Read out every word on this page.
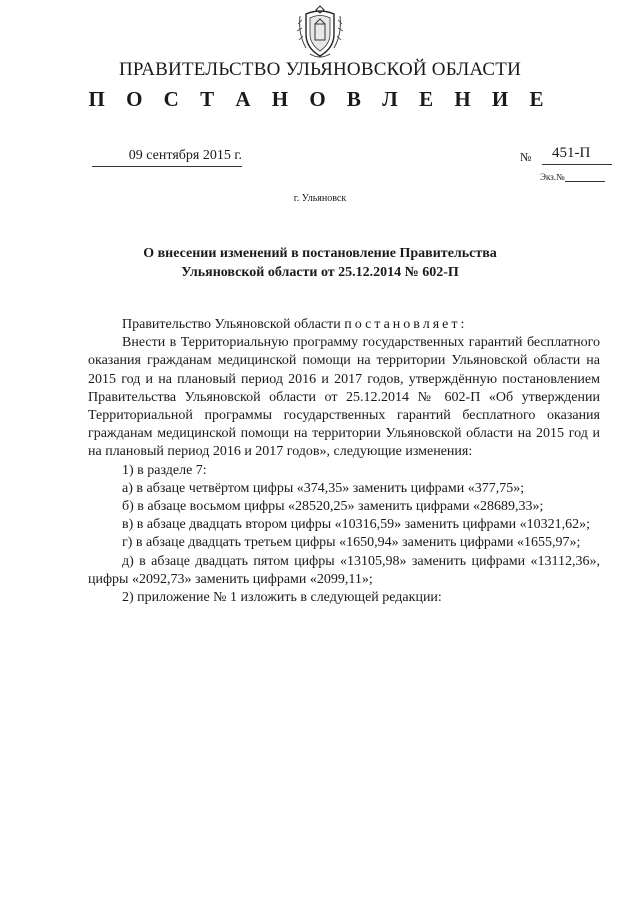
ПРАВИТЕЛЬСТВО УЛЬЯНОВСКОЙ ОБЛАСТИ
П О С Т А Н О В Л Е Н И Е
09 сентября 2015 г.	№ 451-П
Экз.№
г. Ульяновск
О внесении изменений в постановление Правительства
Ульяновской области от 25.12.2014 № 602-П

Правительство Ульяновской области постановляет:

Внести в Территориальную программу государственных гарантий бесплатного оказания гражданам медицинской помощи на территории Ульяновской области на 2015 год и на плановый период 2016 и 2017 годов, утверждённую постановлением Правительства Ульяновской области от 25.12.2014 № 602-П «Об утверждении Территориальной программы государственных гарантий бесплатного оказания гражданам медицинской помощи на территории Ульяновской области на 2015 год и на плановый период 2016 и 2017 годов», следующие изменения:

1) в разделе 7:

а) в абзаце четвёртом цифры «374,35» заменить цифрами «377,75»;

б) в абзаце восьмом цифры «28520,25» заменить цифрами «28689,33»;

в) в абзаце двадцать втором цифры «10316,59» заменить цифрами «10321,62»;

г) в абзаце двадцать третьем цифры «1650,94» заменить цифрами «1655,97»;

д) в абзаце двадцать пятом цифры «13105,98» заменить цифрами «13112,36», цифры «2092,73» заменить цифрами «2099,11»;

2) приложение № 1 изложить в следующей редакции:
